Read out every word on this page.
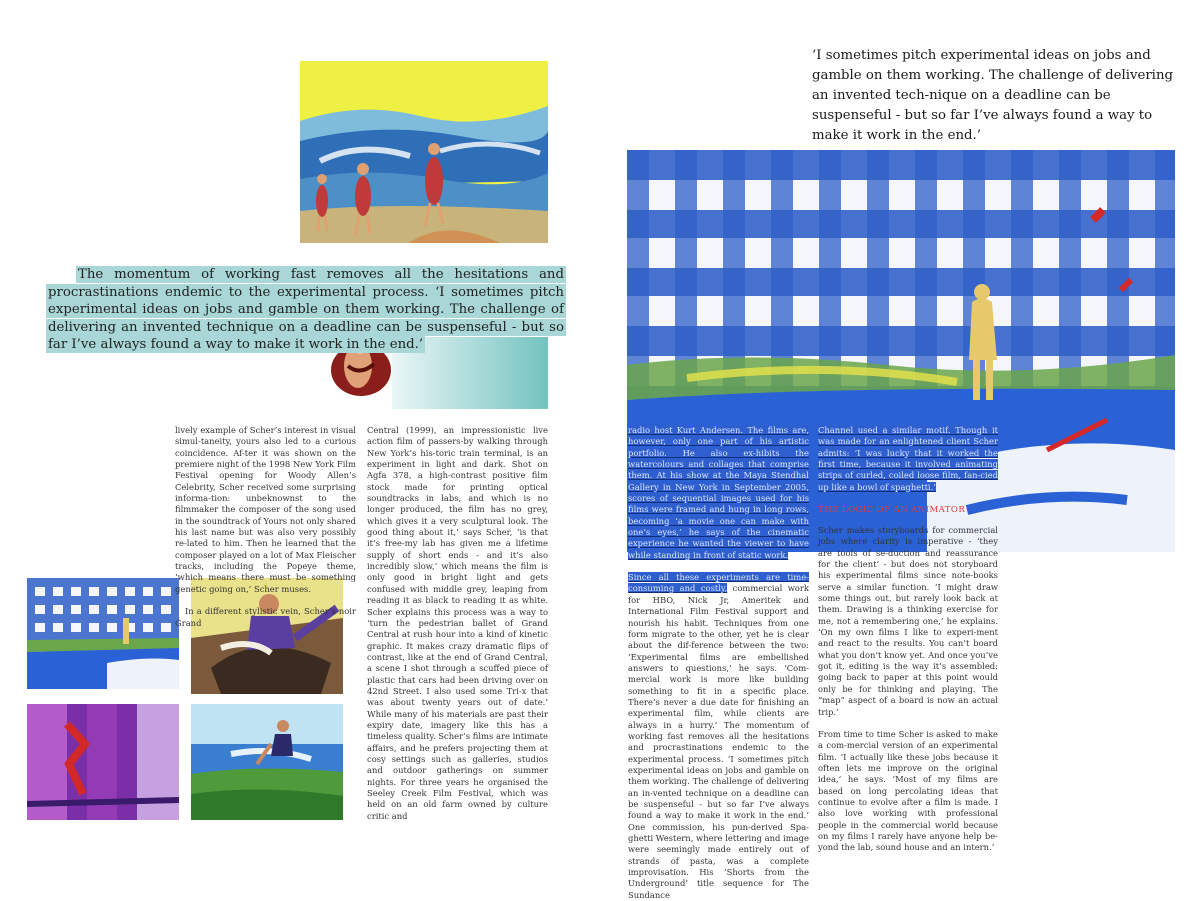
The momentum of working fast removes all the hesitations and procrastinations endemic to the experimental process. ‘I sometimes pitch experimental ideas on jobs and gamble on them working. The challenge of delivering an invented technique on a deadline can be suspenseful - but so far I’ve always found a way to make it work in the end.’

‘I sometimes pitch experimental ideas on jobs and gamble on them working. The challenge of delivering an invented tech-nique on a deadline can be suspenseful - but so far I’ve always found a way to make it work in the end.’

lively example of Scher’s interest in visual simul-taneity, yours also led to a curious coincidence. Af-ter it was shown on the premiere night of the 1998 New York Film Festival opening for Woody Allen’s Celebrity, Scher received some surprising informa-tion: unbeknownst to the filmmaker the composer of the song used in the soundtrack of Yours not only shared his last name but was also very possibly re-lated to him. Then he learned that the composer played on a lot of Max Fleischer tracks, including the Popeye theme, ‘which means there must be something genetic going on,’ Scher muses.

In a different stylistic vein, Scher’s noir Grand

Central (1999), an impressionistic live action film of passers-by walking through New York’s his-toric train terminal, is an experiment in light and dark. Shot on Agfa 378, a high-contrast positive film stock made for printing optical soundtracks in labs, and which is no longer produced, the film has no grey, which gives it a very sculptural look. The good thing about it,’ says Scher, ‘is that it’s free-my lab has given me a lifetime supply of short ends - and it’s also incredibly slow,’ which means the film is only good in bright light and gets confused with middle grey, leaping from reading it as black to reading it as white. Scher explains this process was a way to ‘turn the pedestrian ballet of Grand Central at rush hour into a kind of kinetic graphic. It makes crazy dramatic flips of contrast, like at the end of Grand Central, a scene I shot through a scuffed piece of plastic that cars had been driving over on 42nd Street. I also used some Tri-x that was about twenty years out of date.’ While many of his materials are past their expiry date, imagery like this has a timeless quality. Scher’s films are intimate affairs, and he prefers projecting them at cosy settings such as galleries, studios and outdoor gatherings on summer nights. For three years he organised the Seeley Creek Film Festival, which was held on an old farm owned by culture critic and

radio host Kurt Andersen. The films are, however, only one part of his artistic portfolio. He also ex-hibits the watercolours and collages that comprise them. At his show at the Maya Stendhal Gallery in New York in September 2005, scores of sequential images used for his films were framed and hung in long rows, becoming ‘a movie one can make with one’s eyes,’ he says of the cinematic experience he wanted the viewer to have while standing in front of static work.

Since all these experiments are time-consuming and costly, commercial work for HBO, Nick Jr, Ameritek and International Film Festival support and nourish his habit. Techniques from one form migrate to the other, yet he is clear about the dif-ference between the two: ‘Experimental films are embellished answers to questions,’ he says. ‘Com-mercial work is more like building something to fit in a specific place. There’s never a due date for finishing an experimental film, while clients are always in a hurry.’ The momentum of working fast removes all the hesitations and procrastinations endemic to the experimental process. ‘I sometimes pitch experimental ideas on jobs and gamble on them working. The challenge of delivering an in-vented technique on a deadline can be suspenseful - but so far I’ve always found a way to make it work in the end.’ One commission, his pun-derived Spa-ghetti Western, where lettering and image were seemingly made entirely out of strands of pasta, was a complete improvisation. His ‘Shorts from the Underground’ title sequence for The Sundance

Channel used a similar motif. Though it was made for an enlightened client Scher admits: ‘I was lucky that it worked the first time, because it involved animating strips of curled, coiled loose film, fan-cied up like a bowl of spaghetti.’

THE LOGIC OF AN ANIMATOR

Scher makes storyboards for commercial jobs where clarity is imperative - ‘they are tools of se-duction and reassurance for the client’ - but does not storyboard his experimental films since note-books serve a similar function. ‘I might draw some things out, but rarely look back at them. Drawing is a thinking exercise for me, not a remembering one,’ he explains. ‘On my own films I like to experi-ment and react to the results. You can’t board what you don’t know yet. And once you’ve got it, editing is the way it’s assembled: going back to paper at this point would only be for thinking and playing. The “map” aspect of a board is now an actual trip.’

From time to time Scher is asked to make a com-mercial version of an experimental film. ‘I actually like these jobs because it often lets me improve on the original idea,’ he says. ‘Most of my films are based on long percolating ideas that continue to evolve after a film is made. I also love working with professional people in the commercial world because on my films I rarely have anyone help be-yond the lab, sound house and an intern.’
